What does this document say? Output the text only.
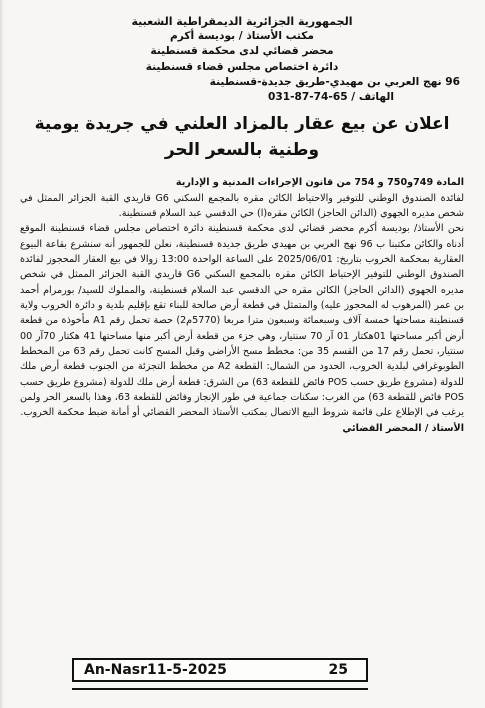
الجمهورية الجزائرية الديمقراطية الشعبية
مكتب الأستاذ / بوديسة أكرم
محضر قضائي لدى محكمة قسنطينة
دائرة اختصاص مجلس قضاء قسنطينة
96 نهج العربي بن مهيدي-طريق جديدة-قسنطينة
الهاتف / 65-74-87-031
اعلان عن بيع عقار بالمزاد العلني في جريدة يومية
وطنية بالسعر الحر

المادة 749و750 و 754 من قانون الإجراءات المدنية و الإدارية

لفائدة الصندوق الوطني للتوفير والاحتياط الكائن مقره بالمجمع السكني G6 قاريدي القبة الجزائر الممثل في شخص مديره الجهوي (الدائن الحاجز) الكائن مقره(ا) حي الدقسي عبد السلام قسنطينة.

نحن الأستاذ/ بوديسة أكرم محضر قضائي لدى محكمة قسنطينة دائرة اختصاص مجلس قضاء قسنطينة الموقع أدناه والكائن مكتبنا ب 96 نهج العربي بن مهيدي طريق جديدة قسنطينة، نعلن للجمهور أنه سنشرع بقاعة البيوع العقارية بمحكمة الخروب بتاريخ: 2025/06/01 على الساعة الواحدة 13:00 زوالا في بيع العقار المحجوز لفائدة الصندوق الوطني للتوفير الإحتياط الكائن مقره بالمجمع السكني G6 قاريدي القبة الجزائر الممثل في شخص مديره الجهوي (الدائن الحاجز) الكائن مقره حي الدقسي عبد السلام قسنطينة، والمملوك للسيد/ بورمرام أحمد بن عمر (المرهوب له المحجوز عليه) والمتمثل في قطعة أرض صالحة للبناء تقع بإقليم بلدية و دائرة الخروب ولاية قسنطينة مساحتها خمسة آلاف وسبعمائة وسبعون مترا مربعا (5770م2) حصة تحمل رقم A1 مأخوذة من قطعة أرض أكبر مساحتها 01هكتار 01 آر 70 سنتيار، وهي جزء من قطعة أرض أكبر منها مساحتها 41 هكتار 70آر 00 سنتيار، تحمل رقم 17 من القسم 35 من: مخطط مسح الأراضي وقبل المسح كانت تحمل رقم 63 من المخطط الطوبوغرافي لبلدية الخروب، الحدود من الشمال: القطعة A2 من مخطط التجزئة من الجنوب قطعة أرض ملك للدولة (مشروع طريق حسب POS فائض للقطعة 63) من الشرق: قطعة أرض ملك للدولة (مشروع طريق حسب POS فائض للقطعة 63) من الغرب: سكنات جماعية في طور الإنجاز وفائض للقطعة 63، وهذا بالسعر الحر ولمن يرغب في الإطلاع على قائمة شروط البيع الاتصال بمكتب الأستاذ المحضر القضائي أو أمانة ضبط محكمة الخروب.

الأستاذ / المحضر القضائي
An-Nasr11-5-2025	25
